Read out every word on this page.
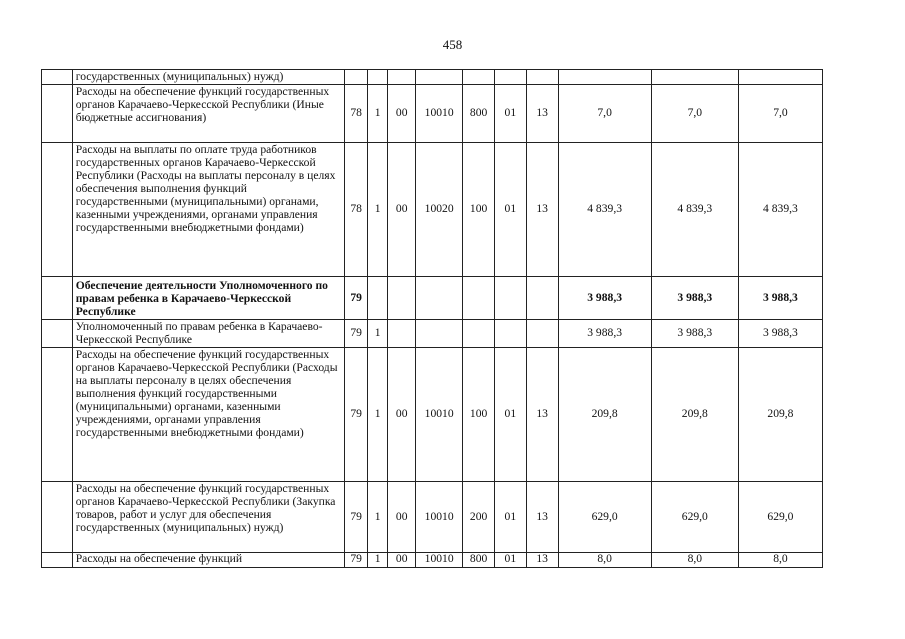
458
	государственных (муниципальных) нужд)										
	Расходы на обеспечение функций государственных органов Карачаево-Черкесской Республики (Иные бюджетные ассигнования)	78	1	00	10010	800	01	13	7,0	7,0	7,0
	Расходы на выплаты по оплате труда работников государственных органов Карачаево-Черкесской Республики (Расходы на выплаты персоналу в целях обеспечения выполнения функций государственными (муниципальными) органами, казенными учреждениями, органами управления государственными внебюджетными фондами)	78	1	00	10020	100	01	13	4 839,3	4 839,3	4 839,3
	Обеспечение деятельности Уполномоченного по правам ребенка в Карачаево-Черкесской Республике	79							3 988,3	3 988,3	3 988,3
	Уполномоченный по правам ребенка в Карачаево-Черкесской Республике	79	1						3 988,3	3 988,3	3 988,3
	Расходы на обеспечение функций государственных органов Карачаево-Черкесской Республики (Расходы на выплаты персоналу в целях обеспечения выполнения функций государственными (муниципальными) органами, казенными учреждениями, органами управления государственными внебюджетными фондами)	79	1	00	10010	100	01	13	209,8	209,8	209,8
	Расходы на обеспечение функций государственных органов Карачаево-Черкесской Республики (Закупка товаров, работ и услуг для обеспечения государственных (муниципальных) нужд)	79	1	00	10010	200	01	13	629,0	629,0	629,0
	Расходы на обеспечение функций	79	1	00	10010	800	01	13	8,0	8,0	8,0
